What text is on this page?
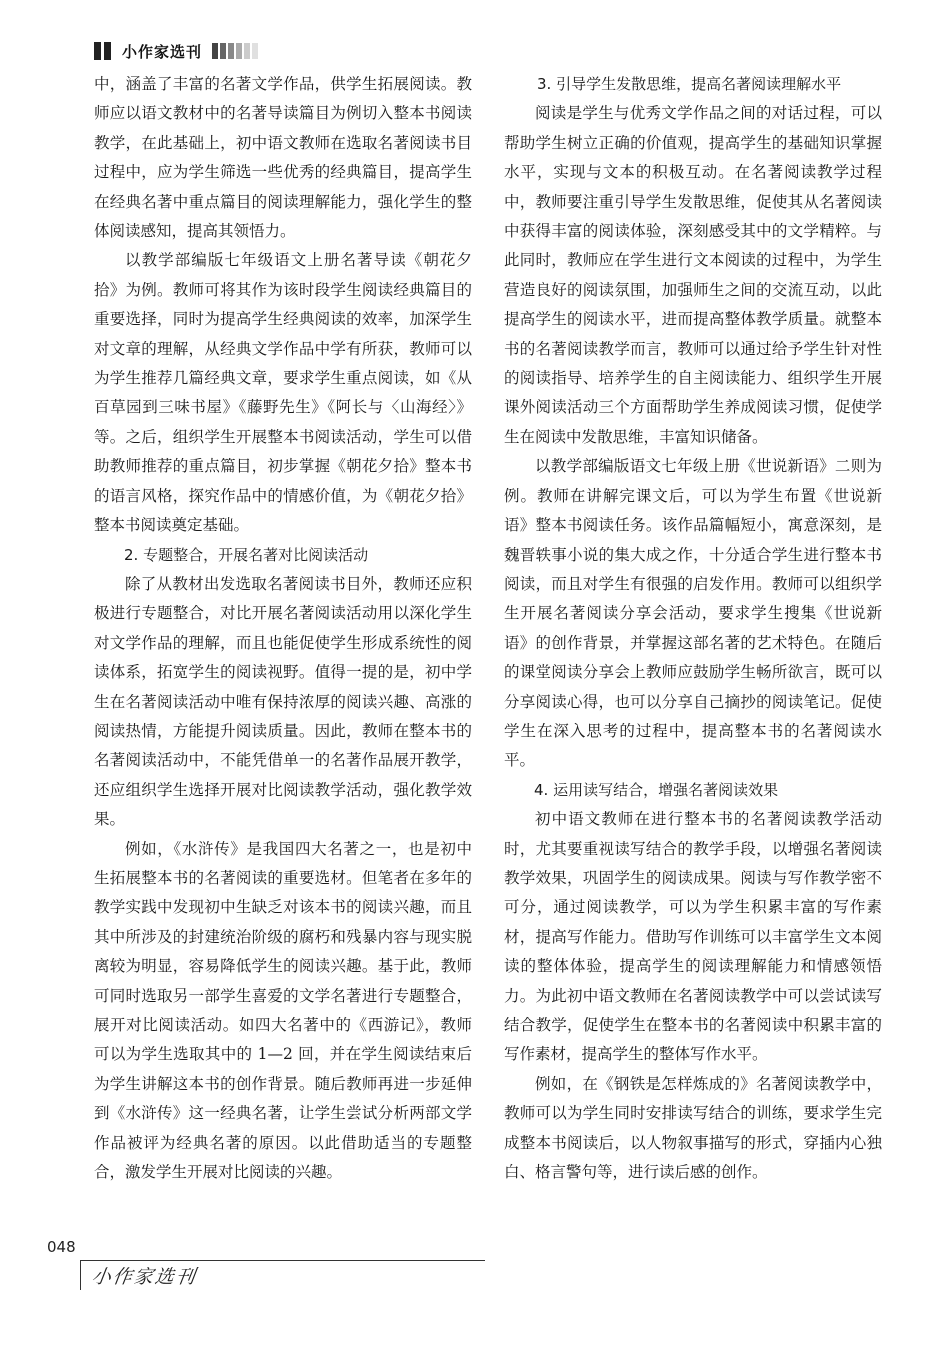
小作家选刊

中，涵盖了丰富的名著文学作品，供学生拓展阅读。教师应以语文教材中的名著导读篇目为例切入整本书阅读教学，在此基础上，初中语文教师在选取名著阅读书目过程中，应为学生筛选一些优秀的经典篇目，提高学生在经典名著中重点篇目的阅读理解能力，强化学生的整体阅读感知，提高其领悟力。

以教学部编版七年级语文上册名著导读《朝花夕拾》为例。教师可将其作为该时段学生阅读经典篇目的重要选择，同时为提高学生经典阅读的效率，加深学生对文章的理解，从经典文学作品中学有所获，教师可以为学生推荐几篇经典文章，要求学生重点阅读，如《从百草园到三味书屋》《藤野先生》《阿长与〈山海经〉》等。之后，组织学生开展整本书阅读活动，学生可以借助教师推荐的重点篇目，初步掌握《朝花夕拾》整本书的语言风格，探究作品中的情感价值，为《朝花夕拾》整本书阅读奠定基础。

2. 专题整合，开展名著对比阅读活动

除了从教材出发选取名著阅读书目外，教师还应积极进行专题整合，对比开展名著阅读活动用以深化学生对文学作品的理解，而且也能促使学生形成系统性的阅读体系，拓宽学生的阅读视野。值得一提的是，初中学生在名著阅读活动中唯有保持浓厚的阅读兴趣、高涨的阅读热情，方能提升阅读质量。因此，教师在整本书的名著阅读活动中，不能凭借单一的名著作品展开教学，还应组织学生选择开展对比阅读教学活动，强化教学效果。

例如，《水浒传》是我国四大名著之一，也是初中生拓展整本书的名著阅读的重要选材。但笔者在多年的教学实践中发现初中生缺乏对该本书的阅读兴趣，而且其中所涉及的封建统治阶级的腐朽和残暴内容与现实脱离较为明显，容易降低学生的阅读兴趣。基于此，教师可同时选取另一部学生喜爱的文学名著进行专题整合，展开对比阅读活动。如四大名著中的《西游记》，教师可以为学生选取其中的 1—2 回，并在学生阅读结束后为学生讲解这本书的创作背景。随后教师再进一步延伸到《水浒传》这一经典名著，让学生尝试分析两部文学作品被评为经典名著的原因。以此借助适当的专题整合，激发学生开展对比阅读的兴趣。

3. 引导学生发散思维，提高名著阅读理解水平

阅读是学生与优秀文学作品之间的对话过程，可以帮助学生树立正确的价值观，提高学生的基础知识掌握水平，实现与文本的积极互动。在名著阅读教学过程中，教师要注重引导学生发散思维，促使其从名著阅读中获得丰富的阅读体验，深刻感受其中的文学精粹。与此同时，教师应在学生进行文本阅读的过程中，为学生营造良好的阅读氛围，加强师生之间的交流互动，以此提高学生的阅读水平，进而提高整体教学质量。就整本书的名著阅读教学而言，教师可以通过给予学生针对性的阅读指导、培养学生的自主阅读能力、组织学生开展课外阅读活动三个方面帮助学生养成阅读习惯，促使学生在阅读中发散思维，丰富知识储备。

以教学部编版语文七年级上册《世说新语》二则为例。教师在讲解完课文后，可以为学生布置《世说新语》整本书阅读任务。该作品篇幅短小，寓意深刻，是魏晋轶事小说的集大成之作，十分适合学生进行整本书阅读，而且对学生有很强的启发作用。教师可以组织学生开展名著阅读分享会活动，要求学生搜集《世说新语》的创作背景，并掌握这部名著的艺术特色。在随后的课堂阅读分享会上教师应鼓励学生畅所欲言，既可以分享阅读心得，也可以分享自己摘抄的阅读笔记。促使学生在深入思考的过程中，提高整本书的名著阅读水平。

4. 运用读写结合，增强名著阅读效果

初中语文教师在进行整本书的名著阅读教学活动时，尤其要重视读写结合的教学手段，以增强名著阅读教学效果，巩固学生的阅读成果。阅读与写作教学密不可分，通过阅读教学，可以为学生积累丰富的写作素材，提高写作能力。借助写作训练可以丰富学生文本阅读的整体体验，提高学生的阅读理解能力和情感领悟力。为此初中语文教师在名著阅读教学中可以尝试读写结合教学，促使学生在整本书的名著阅读中积累丰富的写作素材，提高学生的整体写作水平。

例如，在《钢铁是怎样炼成的》名著阅读教学中，教师可以为学生同时安排读写结合的训练，要求学生完成整本书阅读后，以人物叙事描写的形式，穿插内心独白、格言警句等，进行读后感的创作。

048
小作家选刊
